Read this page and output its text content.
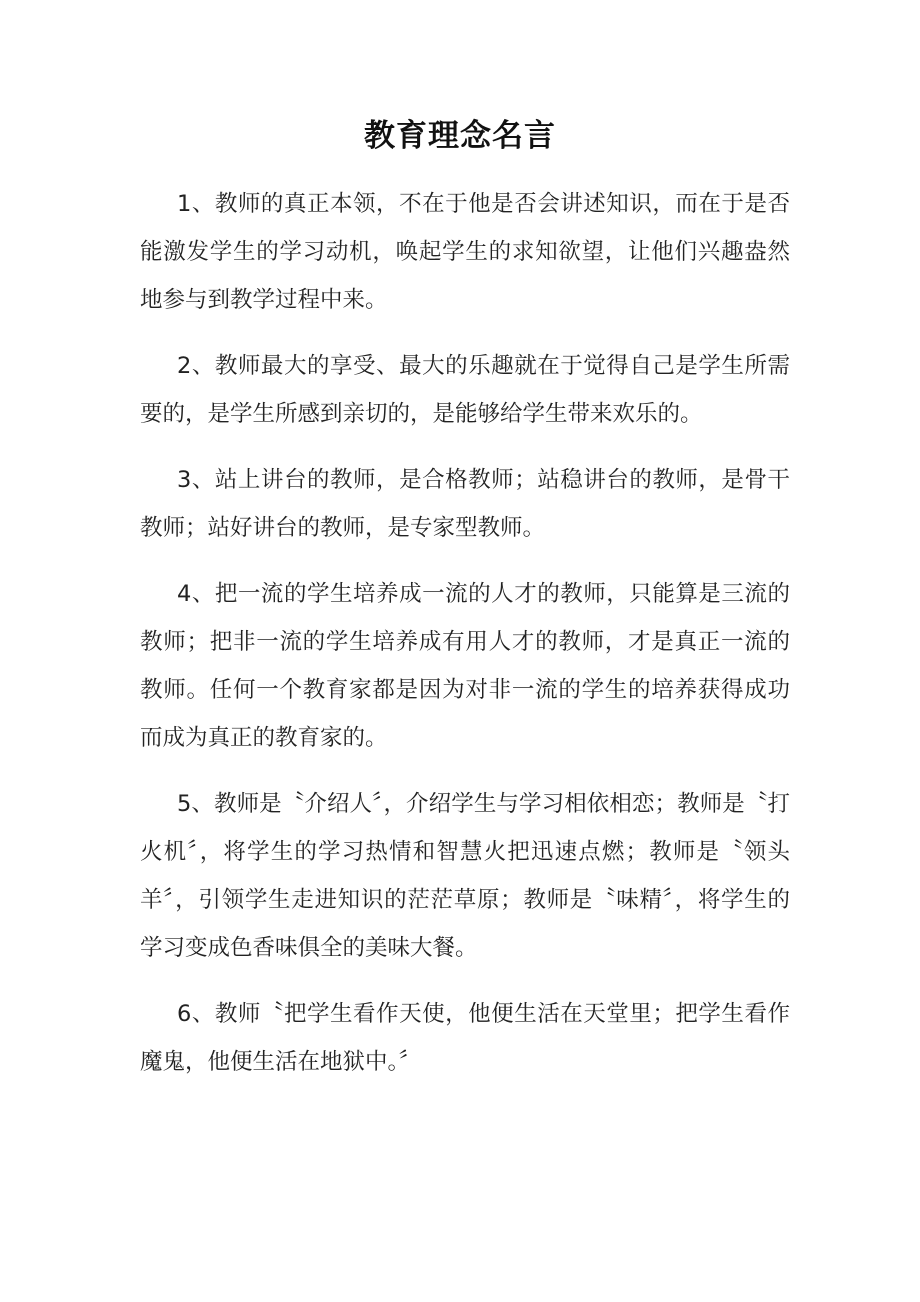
教育理念名言

1、教师的真正本领，不在于他是否会讲述知识，而在于是否能激发学生的学习动机，唤起学生的求知欲望，让他们兴趣盎然地参与到教学过程中来。

2、教师最大的享受、最大的乐趣就在于觉得自己是学生所需要的，是学生所感到亲切的，是能够给学生带来欢乐的。

3、站上讲台的教师，是合格教师；站稳讲台的教师，是骨干教师；站好讲台的教师，是专家型教师。

4、把一流的学生培养成一流的人才的教师，只能算是三流的教师；把非一流的学生培养成有用人才的教师，才是真正一流的教师。任何一个教育家都是因为对非一流的学生的培养获得成功而成为真正的教育家的。

5、教师是〝介绍人〞，介绍学生与学习相依相恋；教师是〝打火机〞，将学生的学习热情和智慧火把迅速点燃；教师是〝领头羊〞，引领学生走进知识的茫茫草原；教师是〝味精〞，将学生的学习变成色香味俱全的美味大餐。

6、教师〝把学生看作天使，他便生活在天堂里；把学生看作魔鬼，他便生活在地狱中。〞
